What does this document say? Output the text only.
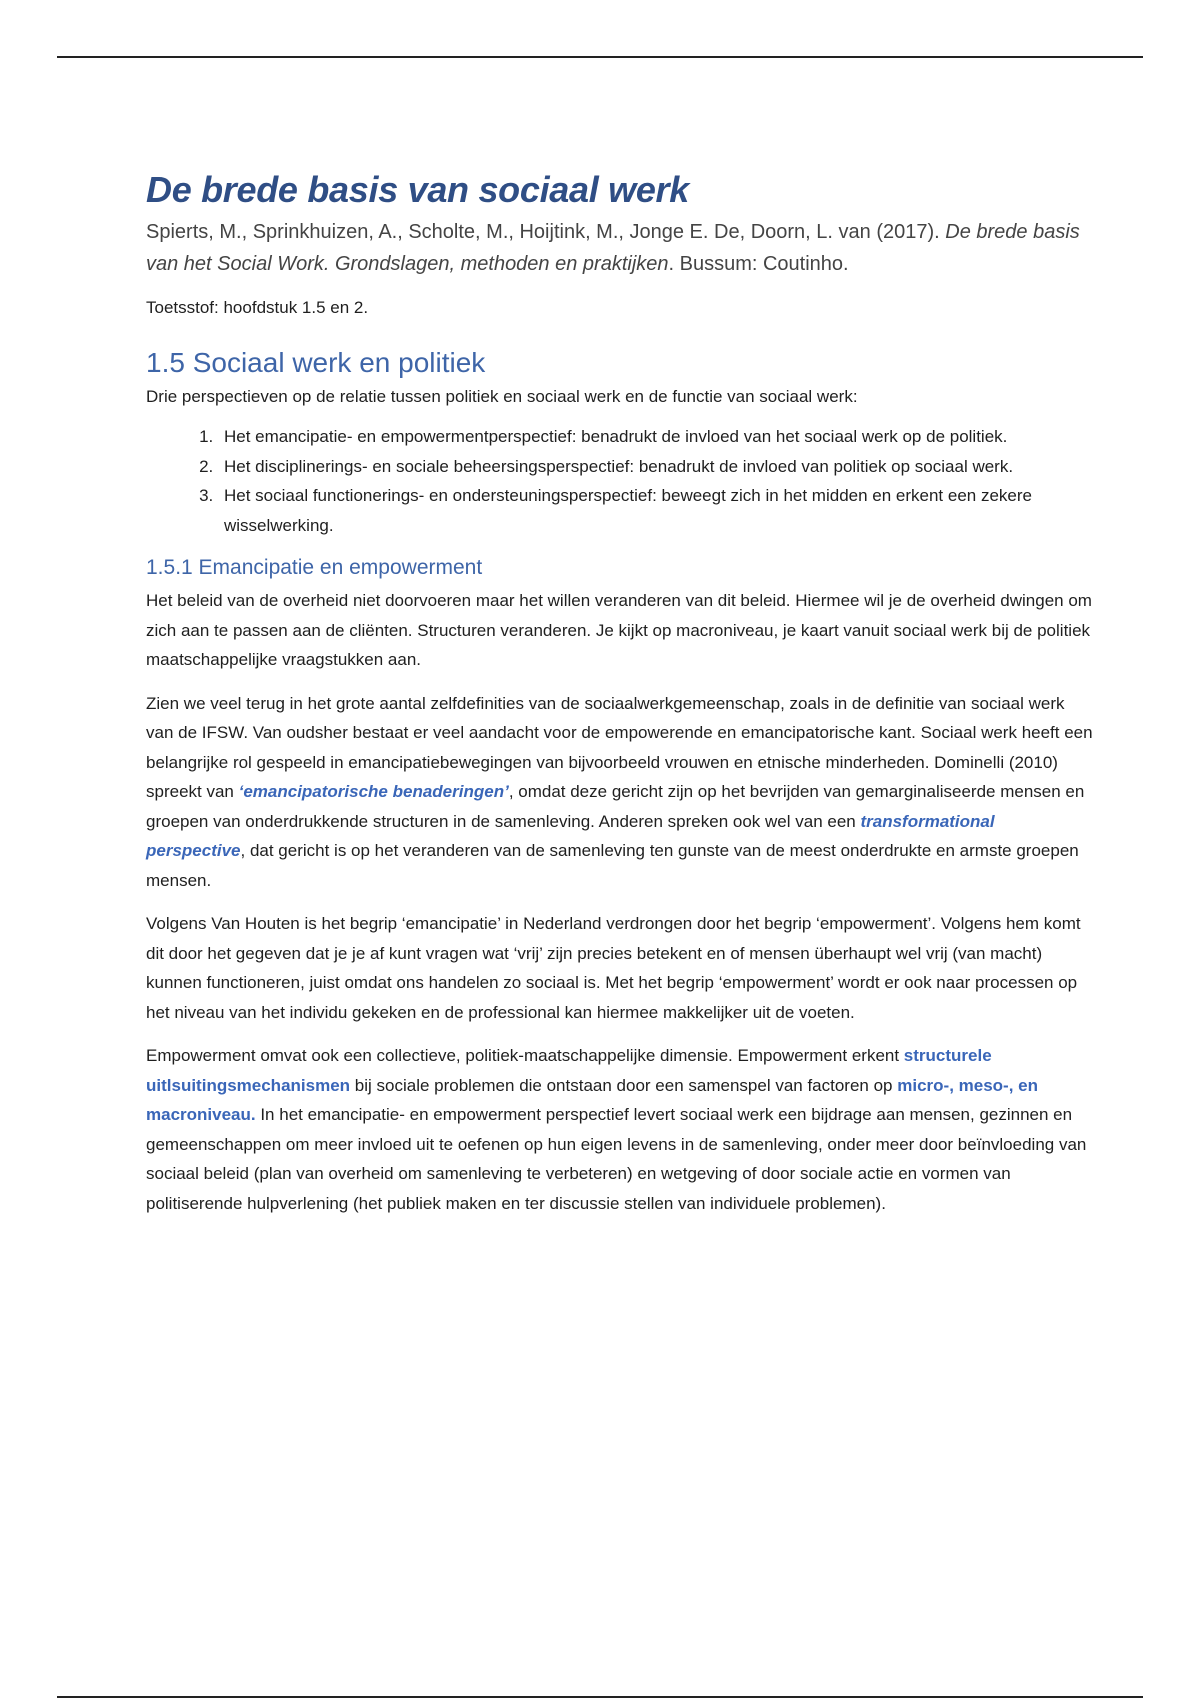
De brede basis van sociaal werk

Spierts, M., Sprinkhuizen, A., Scholte, M., Hoijtink, M., Jonge E. De, Doorn, L. van (2017). De brede basis van het Social Work. Grondslagen, methoden en praktijken. Bussum: Coutinho.

Toetsstof: hoofdstuk 1.5 en 2.

1.5 Sociaal werk en politiek

Drie perspectieven op de relatie tussen politiek en sociaal werk en de functie van sociaal werk:

1. Het emancipatie- en empowermentperspectief: benadrukt de invloed van het sociaal werk op de politiek.
2. Het disciplinerings- en sociale beheersingsperspectief: benadrukt de invloed van politiek op sociaal werk.
3. Het sociaal functionerings- en ondersteuningsperspectief: beweegt zich in het midden en erkent een zekere wisselwerking.
1.5.1 Emancipatie en empowerment

Het beleid van de overheid niet doorvoeren maar het willen veranderen van dit beleid. Hiermee wil je de overheid dwingen om zich aan te passen aan de cliënten. Structuren veranderen. Je kijkt op macroniveau, je kaart vanuit sociaal werk bij de politiek maatschappelijke vraagstukken aan.

Zien we veel terug in het grote aantal zelfdefinities van de sociaalwerkgemeenschap, zoals in de definitie van sociaal werk van de IFSW. Van oudsher bestaat er veel aandacht voor de empowerende en emancipatorische kant. Sociaal werk heeft een belangrijke rol gespeeld in emancipatiebewegingen van bijvoorbeeld vrouwen en etnische minderheden. Dominelli (2010) spreekt van ‘emancipatorische benaderingen’, omdat deze gericht zijn op het bevrijden van gemarginaliseerde mensen en groepen van onderdrukkende structuren in de samenleving. Anderen spreken ook wel van een transformational perspective, dat gericht is op het veranderen van de samenleving ten gunste van de meest onderdrukte en armste groepen mensen.

Volgens Van Houten is het begrip ‘emancipatie’ in Nederland verdrongen door het begrip ‘empowerment’. Volgens hem komt dit door het gegeven dat je je af kunt vragen wat ‘vrij’ zijn precies betekent en of mensen überhaupt wel vrij (van macht) kunnen functioneren, juist omdat ons handelen zo sociaal is. Met het begrip ‘empowerment’ wordt er ook naar processen op het niveau van het individu gekeken en de professional kan hiermee makkelijker uit de voeten.

Empowerment omvat ook een collectieve, politiek-maatschappelijke dimensie. Empowerment erkent structurele uitlsuitingsmechanismen bij sociale problemen die ontstaan door een samenspel van factoren op micro-, meso-, en macroniveau. In het emancipatie- en empowerment perspectief levert sociaal werk een bijdrage aan mensen, gezinnen en gemeenschappen om meer invloed uit te oefenen op hun eigen levens in de samenleving, onder meer door beïnvloeding van sociaal beleid (plan van overheid om samenleving te verbeteren) en wetgeving of door sociale actie en vormen van politiserende hulpverlening (het publiek maken en ter discussie stellen van individuele problemen).
